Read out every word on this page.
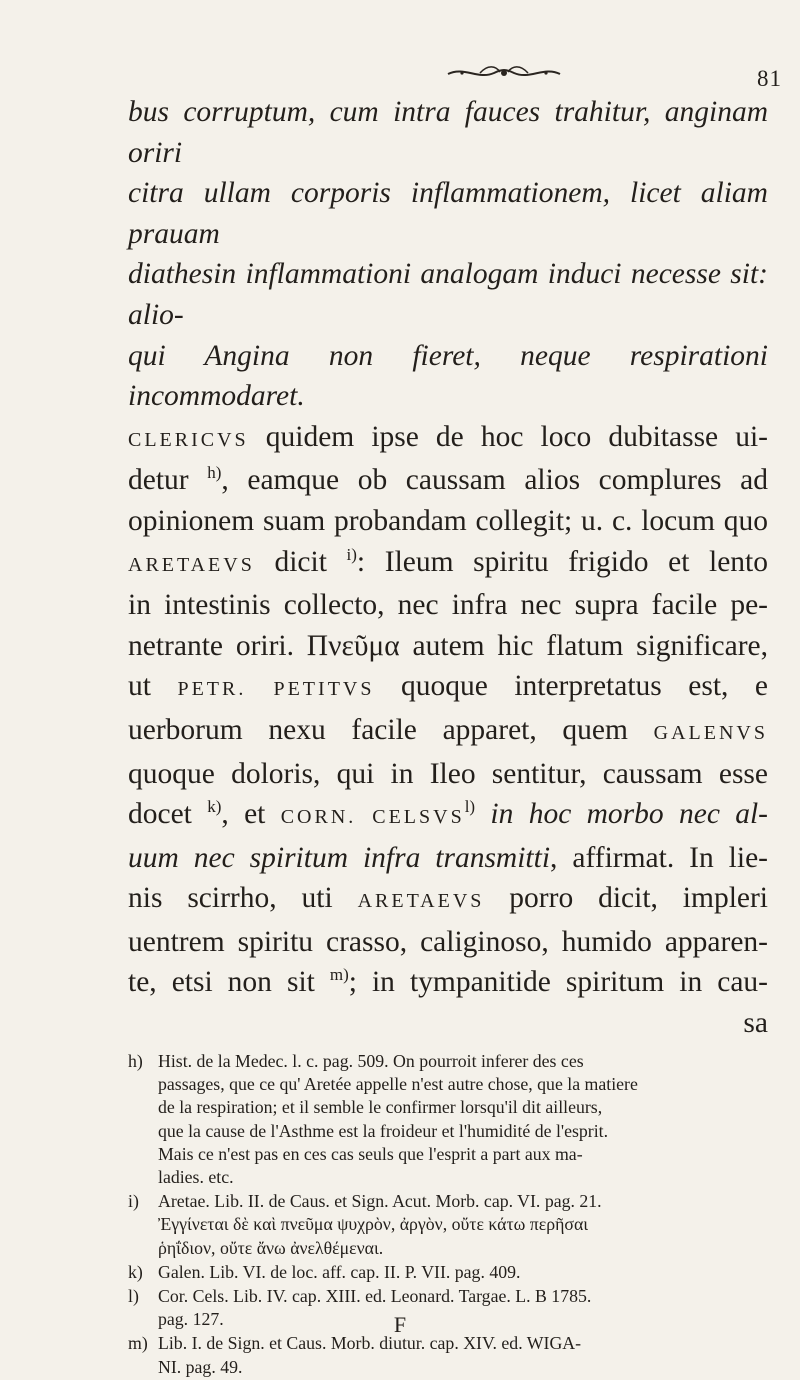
81
bus corruptum, cum intra fauces trahitur, anginam oriri
citra ullam corporis inflammationem, licet aliam prauam
diathesin inflammationi analogam induci necesse sit: alio-
qui Angina non fieret, neque respirationi incommodaret.
CLERICVS quidem ipse de hoc loco dubitasse ui-
detur $^{h)}$, eamque ob caussam alios complures ad
opinionem suam probandam collegit; u. c. locum quo
ARETAEVS dicit $^{i)}$: Ileum spiritu frigido et lento
in intestinis collecto, nec infra nec supra facile pe-
netrante oriri. Πνεῦμα autem hic flatum significare,
ut PETR. PETITVS quoque interpretatus est, e
uerborum nexu facile apparet, quem GALENVS
quoque doloris, qui in Ileo sentitur, caussam esse
docet $^{k)}$, et CORN. CELSVS$^{l)}$ in hoc morbo nec al-
uum nec spiritum infra transmitti, affirmat. In lie-
nis scirrho, uti ARETAEVS porro dicit, impleri
uentrem spiritu crasso, caliginoso, humido apparen-
te, etsi non sit $^{m)}$; in tympanitide spiritum in cau-
sa
h) Hist. de la Medec. l. c. pag. 509. On pourroit inferer des ces
passages, que ce qu' Aretée appelle n'est autre chose, que la matiere
de la respiration; et il semble le confirmer lorsqu'il dit ailleurs,
que la cause de l'Asthme est la froideur et l'humidité de l'esprit.
Mais ce n'est pas en ces cas seuls que l'esprit a part aux ma-
ladies. etc.
i)	Aretae. Lib. II. de Caus. et Sign. Acut. Morb. cap. VI. pag. 21.
Ἐγγίνεται δὲ καὶ πνεῦμα ψυχρὸν, ἀργὸν, οὔτε κάτω περῆσαι
ῥηΐδιον, οὔτε ἄνω ἀνελθέμεναι.
k) Galen. Lib. VI. de loc. aff. cap. II. P. VII. pag. 409.
l)	Cor. Cels. Lib. IV. cap. XIII. ed. Leonard. Targae. L. B 1785.
pag. 127.
m) Lib. I. de Sign. et Caus. Morb. diutur. cap. XIV. ed. WIGA-
NI. pag. 49.
F
